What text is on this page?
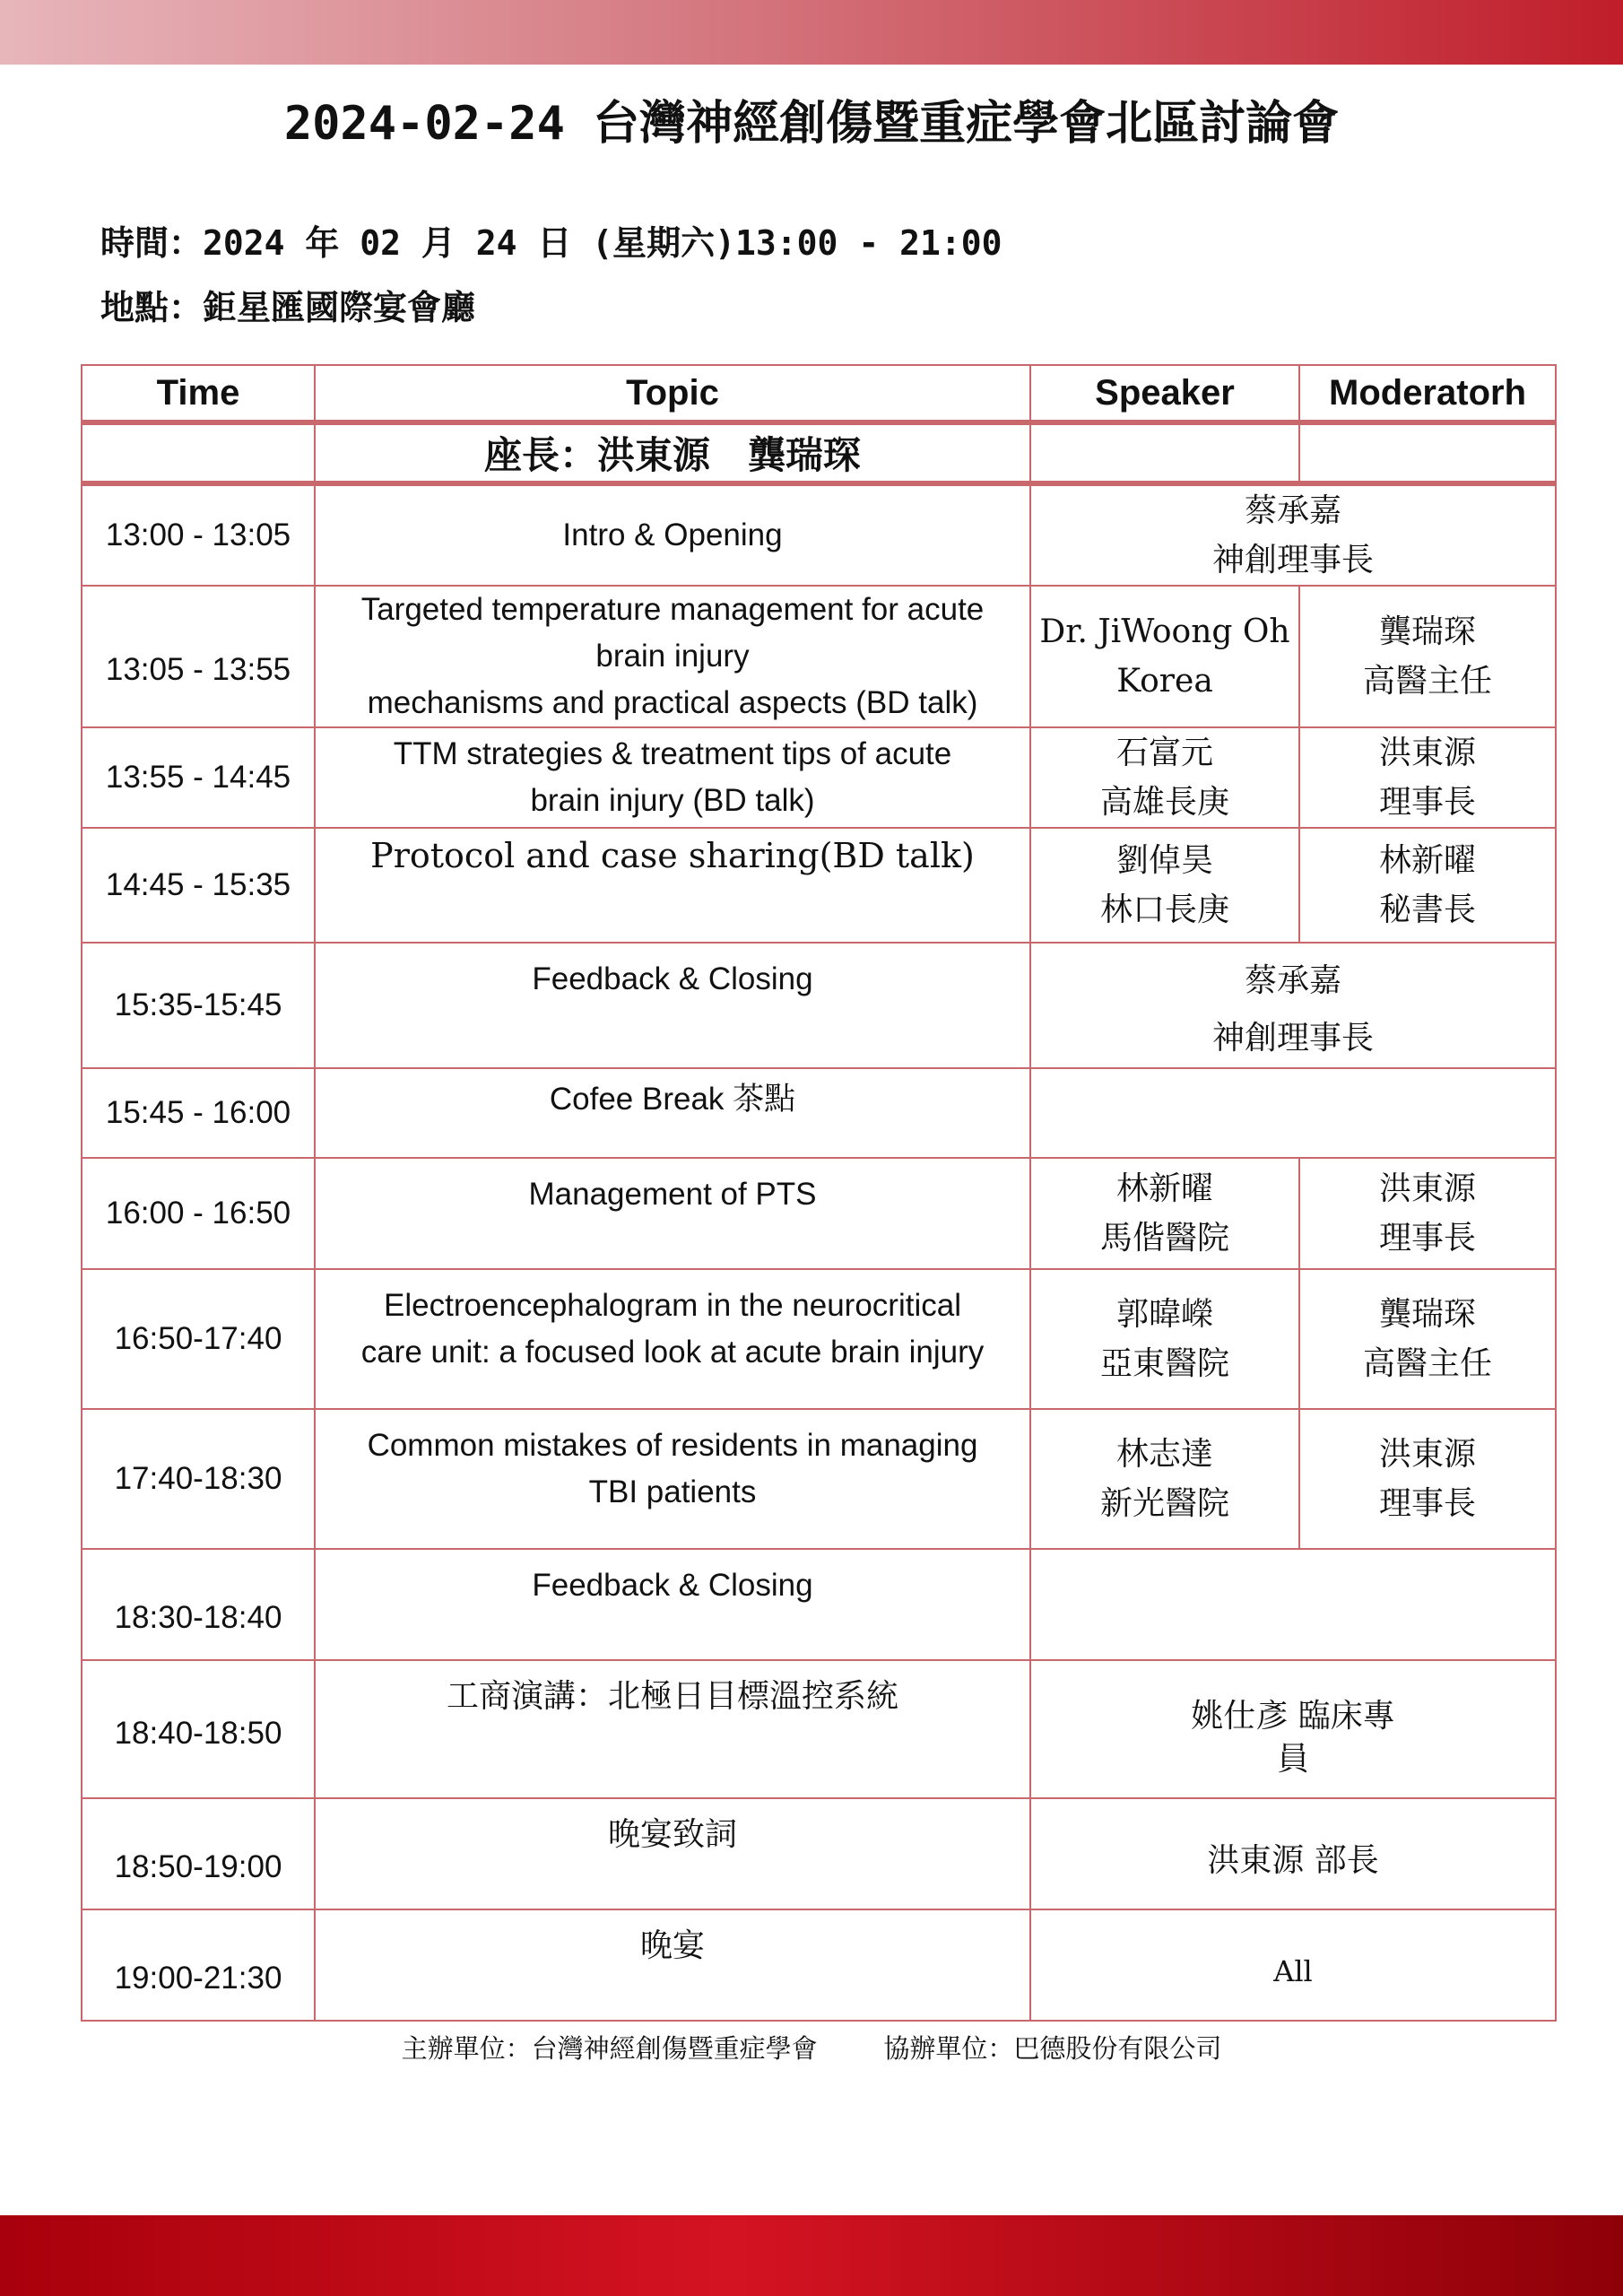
2024-02-24 台灣神經創傷暨重症學會北區討論會
時間：2024 年 02 月 24 日 (星期六)13:00 - 21:00
地點：鉅星匯國際宴會廳
Time	Topic	Speaker	Moderatorh
	座長：洪東源　龔瑞琛		
13:00 - 13:05	Intro & Opening	蔡承嘉
神創理事長	

13:05 - 13:55	Targeted temperature management for acute
brain injury
mechanisms and practical aspects (BD talk)	Dr. JiWoong Oh
Korea	龔瑞琛
高醫主任

13:55 - 14:45	TTM strategies & treatment tips of acute
brain injury (BD talk)	石富元
高雄長庚	洪東源
理事長

14:45 - 15:35	Protocol and case sharing(BD talk)	劉倬昊
林口長庚	林新曜
秘書長

15:35-15:45	Feedback & Closing	蔡承嘉
神創理事長	

15:45 - 16:00	Cofee Break 茶點		

16:00 - 16:50	Management of PTS	林新曜
馬偕醫院	洪東源
理事長

16:50-17:40	Electroencephalogram in the neurocritical
care unit: a focused look at acute brain injury	郭暐嶸
亞東醫院	龔瑞琛
高醫主任

17:40-18:30	Common mistakes of residents in managing
TBI patients	林志達
新光醫院	洪東源
理事長

18:30-18:40	Feedback & Closing		

18:40-18:50	工商演講：北極日目標溫控系統	姚仕彥 臨床專
員	

18:50-19:00	晚宴致詞	洪東源 部長	

19:00-21:30	晚宴	All	
主辦單位：台灣神經創傷暨重症學會	協辦單位：巴德股份有限公司
